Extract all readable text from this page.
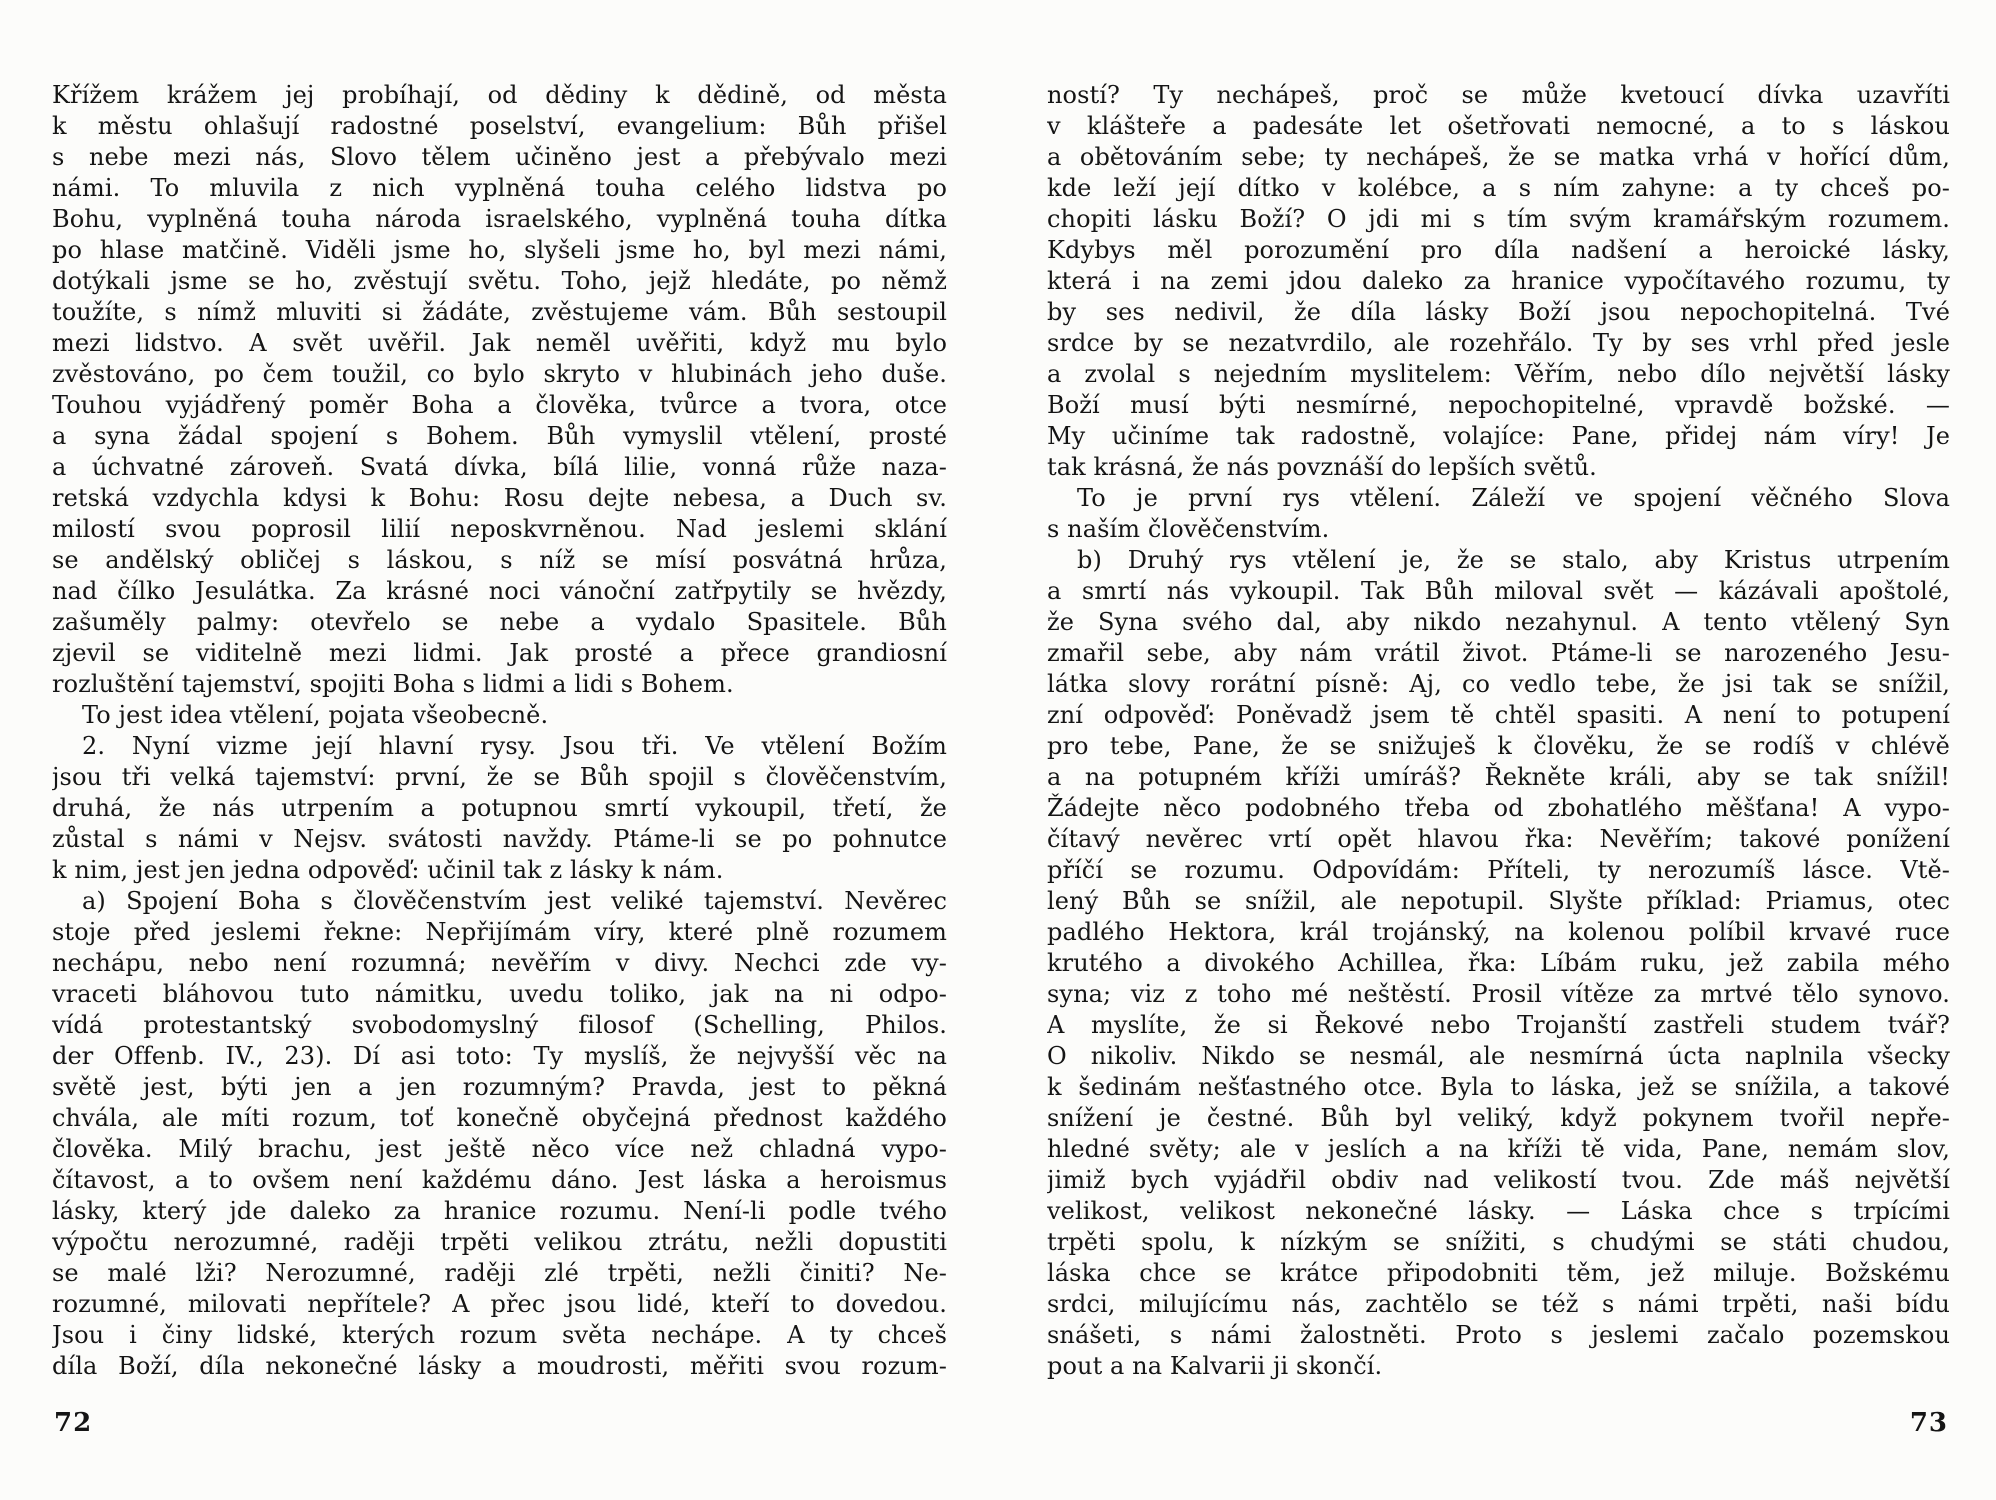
Křížem krážem jej probíhají, od dědiny k dědině, od města
k městu ohlašují radostné poselství, evangelium: Bůh přišel
s nebe mezi nás, Slovo tělem učiněno jest a přebývalo mezi
námi. To mluvila z nich vyplněná touha celého lidstva po
Bohu, vyplněná touha národa israelského, vyplněná touha dítka
po hlase matčině. Viděli jsme ho, slyšeli jsme ho, byl mezi námi,
dotýkali jsme se ho, zvěstují světu. Toho, jejž hledáte, po němž
toužíte, s nímž mluviti si žádáte, zvěstujeme vám. Bůh sestoupil
mezi lidstvo. A svět uvěřil. Jak neměl uvěřiti, když mu bylo
zvěstováno, po čem toužil, co bylo skryto v hlubinách jeho duše.
Touhou vyjádřený poměr Boha a člověka, tvůrce a tvora, otce
a syna žádal spojení s Bohem. Bůh vymyslil vtělení, prosté
a úchvatné zároveň. Svatá dívka, bílá lilie, vonná růže naza-
retská vzdychla kdysi k Bohu: Rosu dejte nebesa, a Duch sv.
milostí svou poprosil lilií neposkvrněnou. Nad jeslemi sklání
se andělský obličej s láskou, s níž se mísí posvátná hrůza,
nad čílko Jesulátka. Za krásné noci vánoční zatřpytily se hvězdy,
zašuměly palmy: otevřelo se nebe a vydalo Spasitele. Bůh
zjevil se viditelně mezi lidmi. Jak prosté a přece grandiosní
rozluštění tajemství, spojiti Boha s lidmi a lidi s Bohem.
To jest idea vtělení, pojata všeobecně.
2. Nyní vizme její hlavní rysy. Jsou tři. Ve vtělení Božím
jsou tři velká tajemství: první, že se Bůh spojil s člověčenstvím,
druhá, že nás utrpením a potupnou smrtí vykoupil, třetí, že
zůstal s námi v Nejsv. svátosti navždy. Ptáme-li se po pohnutce
k nim, jest jen jedna odpověď: učinil tak z lásky k nám.
a) Spojení Boha s člověčenstvím jest veliké tajemství. Nevěrec
stoje před jeslemi řekne: Nepřijímám víry, které plně rozumem
nechápu, nebo není rozumná; nevěřím v divy. Nechci zde vy-
vraceti bláhovou tuto námitku, uvedu toliko, jak na ni odpo-
vídá protestantský svobodomyslný filosof (Schelling, Philos.
der Offenb. IV., 23). Dí asi toto: Ty myslíš, že nejvyšší věc na
světě jest, býti jen a jen rozumným? Pravda, jest to pěkná
chvála, ale míti rozum, toť konečně obyčejná přednost každého
člověka. Milý brachu, jest ještě něco více než chladná vypo-
čítavost, a to ovšem není každému dáno. Jest láska a heroismus
lásky, který jde daleko za hranice rozumu. Není-li podle tvého
výpočtu nerozumné, raději trpěti velikou ztrátu, nežli dopustiti
se malé lži? Nerozumné, raději zlé trpěti, nežli činiti? Ne-
rozumné, milovati nepřítele? A přec jsou lidé, kteří to dovedou.
Jsou i činy lidské, kterých rozum světa nechápe. A ty chceš
díla Boží, díla nekonečné lásky a moudrosti, měřiti svou rozum-
72
ností? Ty nechápeš, proč se může kvetoucí dívka uzavříti
v klášteře a padesáte let ošetřovati nemocné, a to s láskou
a obětováním sebe; ty nechápeš, že se matka vrhá v hořící dům,
kde leží její dítko v kolébce, a s ním zahyne: a ty chceš po-
chopiti lásku Boží? O jdi mi s tím svým kramářským rozumem.
Kdybys měl porozumění pro díla nadšení a heroické lásky,
která i na zemi jdou daleko za hranice vypočítavého rozumu, ty
by ses nedivil, že díla lásky Boží jsou nepochopitelná. Tvé
srdce by se nezatvrdilo, ale rozehřálo. Ty by ses vrhl před jesle
a zvolal s nejedním myslitelem: Věřím, nebo dílo největší lásky
Boží musí býti nesmírné, nepochopitelné, vpravdě božské. —
My učiníme tak radostně, volajíce: Pane, přidej nám víry! Je
tak krásná, že nás povznáší do lepších světů.
To je první rys vtělení. Záleží ve spojení věčného Slova
s naším člověčenstvím.
b) Druhý rys vtělení je, že se stalo, aby Kristus utrpením
a smrtí nás vykoupil. Tak Bůh miloval svět — kázávali apoštolé,
že Syna svého dal, aby nikdo nezahynul. A tento vtělený Syn
zmařil sebe, aby nám vrátil život. Ptáme-li se narozeného Jesu-
látka slovy rorátní písně: Aj, co vedlo tebe, že jsi tak se snížil,
zní odpověď: Poněvadž jsem tě chtěl spasiti. A není to potupení
pro tebe, Pane, že se snižuješ k člověku, že se rodíš v chlévě
a na potupném kříži umíráš? Řekněte králi, aby se tak snížil!
Žádejte něco podobného třeba od zbohatlého měšťana! A vypo-
čítavý nevěrec vrtí opět hlavou řka: Nevěřím; takové ponížení
příčí se rozumu. Odpovídám: Příteli, ty nerozumíš lásce. Vtě-
lený Bůh se snížil, ale nepotupil. Slyšte příklad: Priamus, otec
padlého Hektora, král trojánský, na kolenou políbil krvavé ruce
krutého a divokého Achillea, řka: Líbám ruku, jež zabila mého
syna; viz z toho mé neštěstí. Prosil vítěze za mrtvé tělo synovo.
A myslíte, že si Řekové nebo Trojanští zastřeli studem tvář?
O nikoliv. Nikdo se nesmál, ale nesmírná úcta naplnila všecky
k šedinám nešťastného otce. Byla to láska, jež se snížila, a takové
snížení je čestné. Bůh byl veliký, když pokynem tvořil nepře-
hledné světy; ale v jeslích a na kříži tě vida, Pane, nemám slov,
jimiž bych vyjádřil obdiv nad velikostí tvou. Zde máš největší
velikost, velikost nekonečné lásky. — Láska chce s trpícími
trpěti spolu, k nízkým se snížiti, s chudými se státi chudou,
láska chce se krátce připodobniti těm, jež miluje. Božskému
srdci, milujícímu nás, zachtělo se též s námi trpěti, naši bídu
snášeti, s námi žalostněti. Proto s jeslemi začalo pozemskou
pout a na Kalvarii ji skončí.
73
